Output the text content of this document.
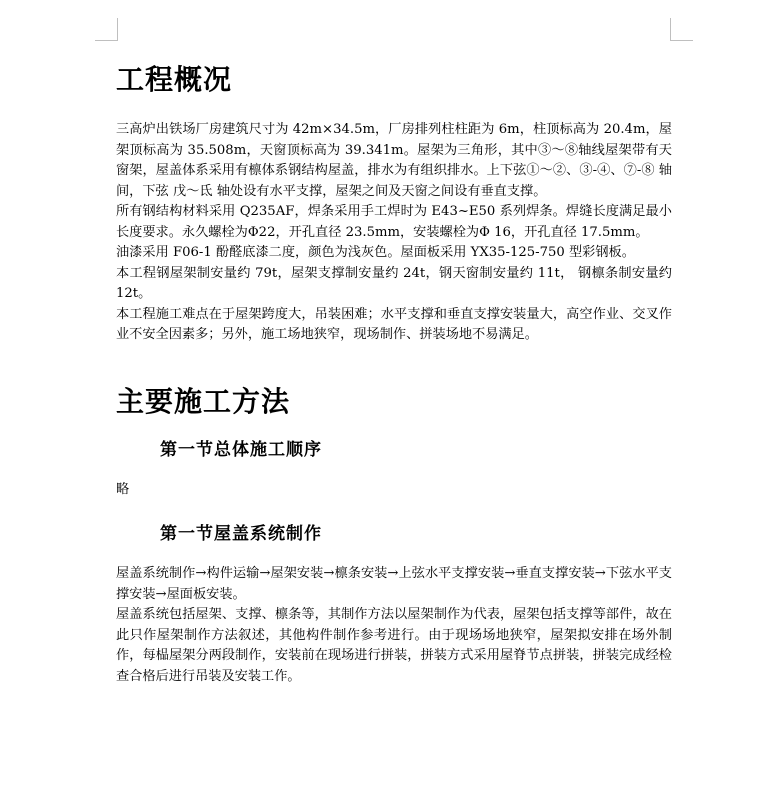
工程概况

三高炉出铁场厂房建筑尺寸为 42m×34.5m，厂房排列柱柱距为 6m，柱顶标高为 20.4m，屋架顶标高为 35.508m，天窗顶标高为 39.341m。屋架为三角形，其中③～⑧轴线屋架带有天窗架，屋盖体系采用有檩体系钢结构屋盖，排水为有组织排水。上下弦①～②、③-④、⑦-⑧ 轴间，下弦 戊～氐 轴处设有水平支撑，屋架之间及天窗之间设有垂直支撑。

所有钢结构材料采用 Q235AF，焊条采用手工焊时为 E43~E50 系列焊条。焊缝长度满足最小长度要求。永久螺栓为Φ22，开孔直径 23.5mm，安装螺栓为Φ 16，开孔直径 17.5mm。

油漆采用 F06-1 酚醛底漆二度，颜色为浅灰色。屋面板采用 YX35-125-750 型彩钢板。

本工程钢屋架制安量约 79t，屋架支撑制安量约 24t，钢天窗制安量约 11t， 钢檩条制安量约 12t。

本工程施工难点在于屋架跨度大，吊装困难；水平支撑和垂直支撑安装量大，高空作业、交叉作业不安全因素多；另外，施工场地狭窄，现场制作、拼装场地不易满足。

主要施工方法
第一节总体施工顺序

略

第一节屋盖系统制作

屋盖系统制作→构件运输→屋架安装→檩条安装→上弦水平支撑安装→垂直支撑安装→下弦水平支撑安装→屋面板安装。

屋盖系统包括屋架、支撑、檩条等，其制作方法以屋架制作为代表，屋架包括支撑等部件，故在此只作屋架制作方法叙述，其他构件制作参考进行。由于现场场地狭窄，屋架拟安排在场外制作，每榀屋架分两段制作，安装前在现场进行拼装，拼装方式采用屋脊节点拼装，拼装完成经检查合格后进行吊装及安装工作。
